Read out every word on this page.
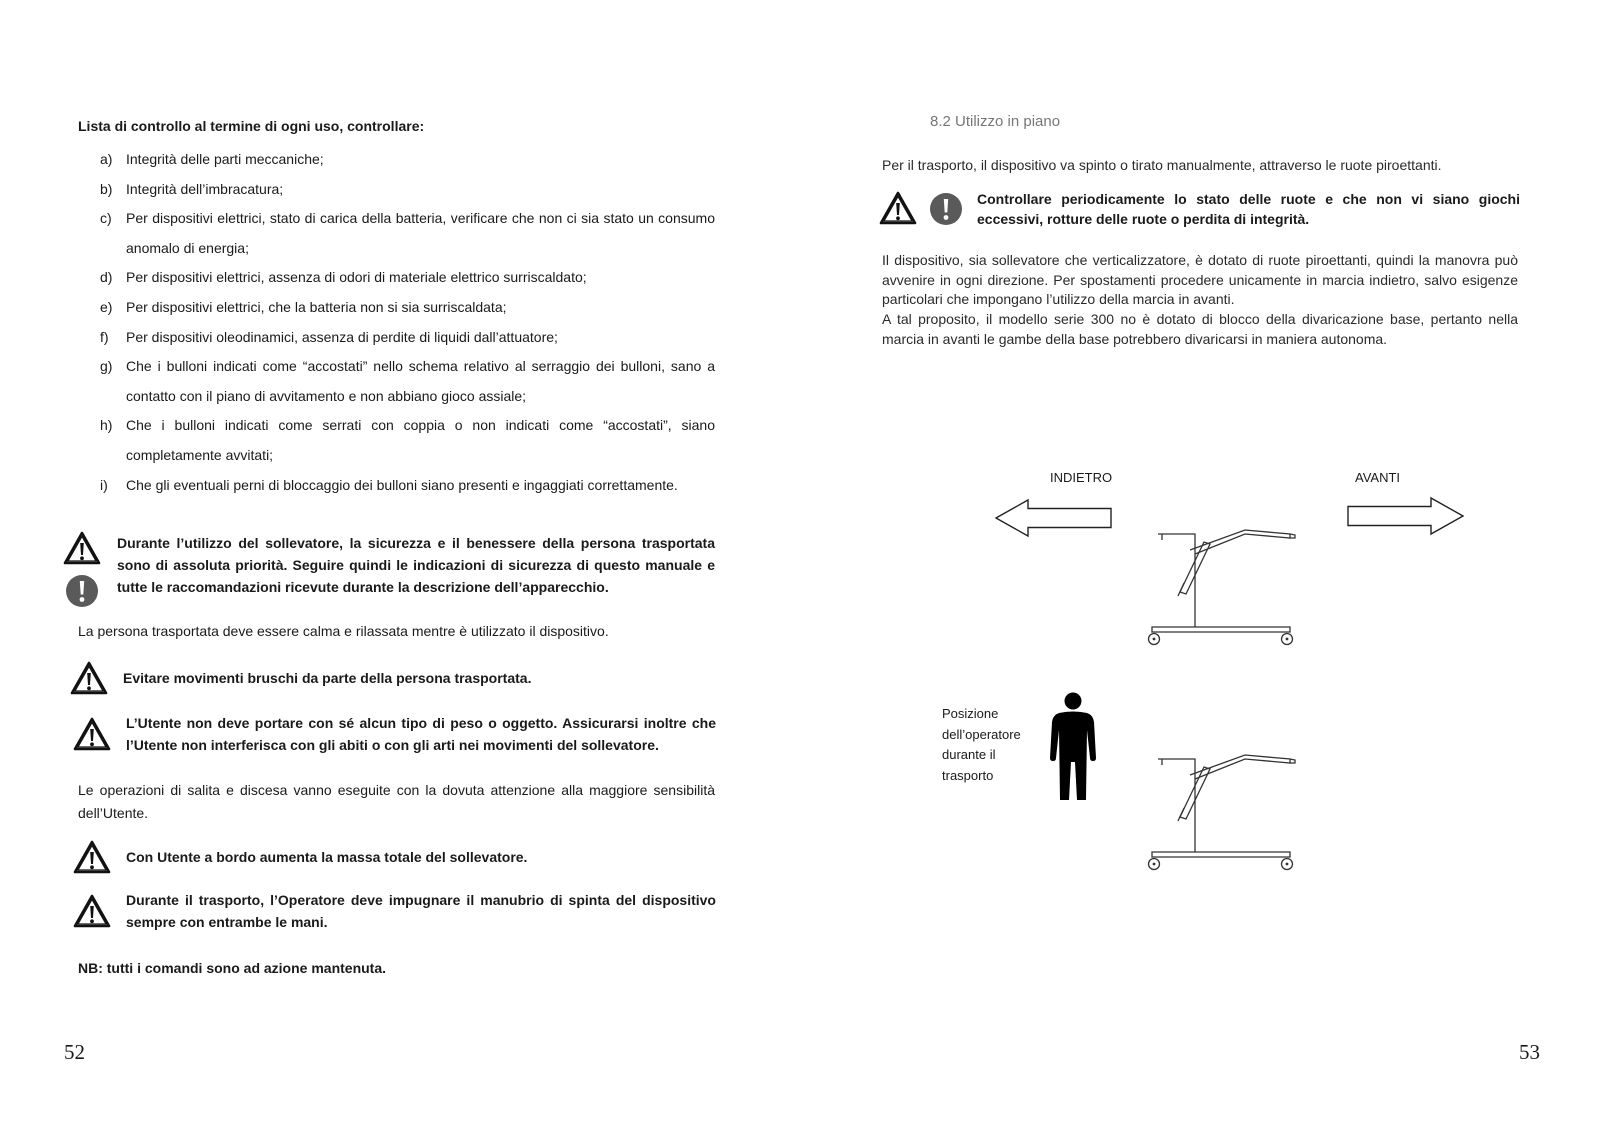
Lista di controllo al termine di ogni uso, controllare:
a) Integrità delle parti meccaniche;
b) Integrità dell’imbracatura;
c) Per dispositivi elettrici, stato di carica della batteria, verificare che non ci sia stato un consumo anomalo di energia;
d) Per dispositivi elettrici, assenza di odori di materiale elettrico surriscaldato;
e) Per dispositivi elettrici, che la batteria non si sia surriscaldata;
f) Per dispositivi oleodinamici, assenza di perdite di liquidi dall’attuatore;
g) Che i bulloni indicati come “accostati” nello schema relativo al serraggio dei bulloni, sano a contatto con il piano di avvitamento e non abbiano gioco assiale;
h) Che i bulloni indicati come serrati con coppia o non indicati come “accostati”, siano completamente avvitati;
i) Che gli eventuali perni di bloccaggio dei bulloni siano presenti e ingaggiati correttamente.
Durante l’utilizzo del sollevatore, la sicurezza e il benessere della persona trasportata sono di assoluta priorità. Seguire quindi le indicazioni di sicurezza di questo manuale e tutte le raccomandazioni ricevute durante la descrizione dell’apparecchio.
La persona trasportata deve essere calma e rilassata mentre è utilizzato il dispositivo.
Evitare movimenti bruschi da parte della persona trasportata.
L’Utente non deve portare con sé alcun tipo di peso o oggetto. Assicurarsi inoltre che l’Utente non interferisca con gli abiti o con gli arti nei movimenti del sollevatore.
Le operazioni di salita e discesa vanno eseguite con la dovuta attenzione alla maggiore sensibilità dell’Utente.
Con Utente a bordo aumenta la massa totale del sollevatore.
Durante il trasporto, l’Operatore deve impugnare il manubrio di spinta del dispositivo sempre con entrambe le mani.
NB: tutti i comandi sono ad azione mantenuta.
52
8.2 Utilizzo in piano
Per il trasporto, il dispositivo va spinto o tirato manualmente, attraverso le ruote piroettanti.
Controllare periodicamente lo stato delle ruote e che non vi siano giochi eccessivi, rotture delle ruote o perdita di integrità.
Il dispositivo, sia sollevatore che verticalizzatore, è dotato di ruote piroettanti, quindi la manovra può avvenire in ogni direzione. Per spostamenti procedere unicamente in marcia indietro, salvo esigenze particolari che impongano l’utilizzo della marcia in avanti.
A tal proposito, il modello serie 300 no è dotato di blocco della divaricazione base, pertanto nella marcia in avanti le gambe della base potrebbero divaricarsi in maniera autonoma.
INDIETRO	AVANTI
Posizione
dell’operatore
durante il
trasporto
53
